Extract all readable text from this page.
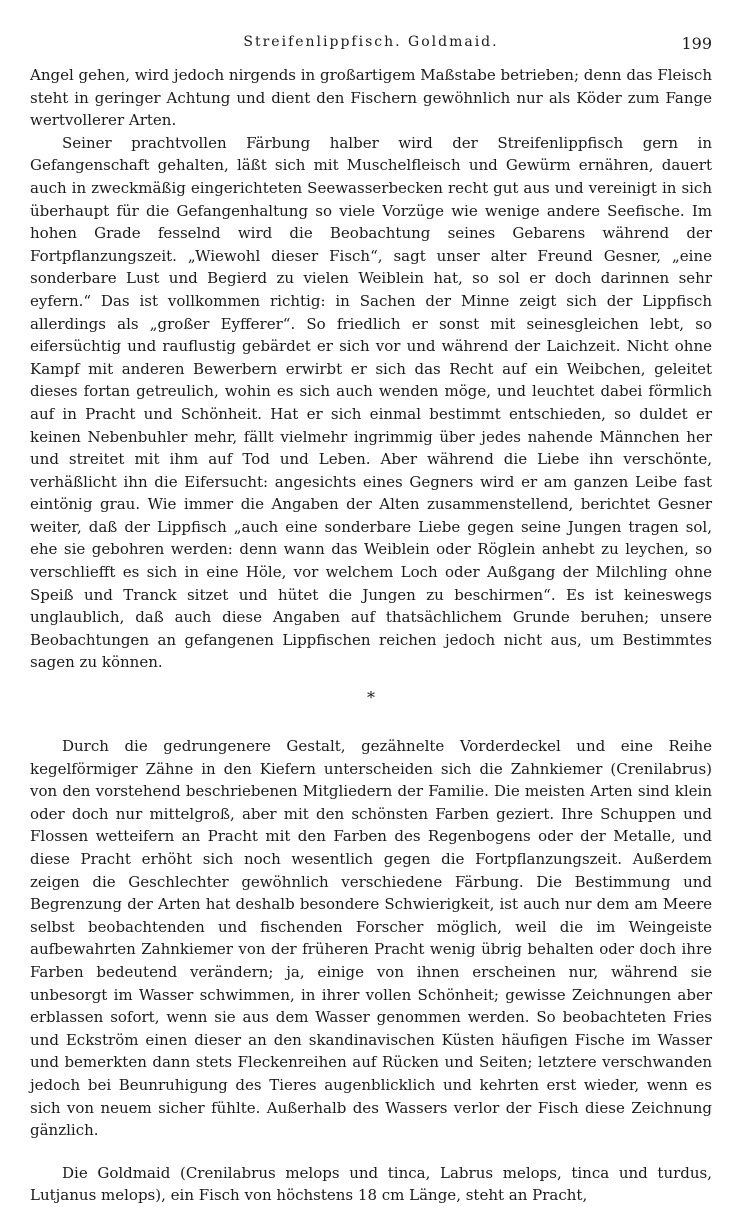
Streifenlippfisch. Goldmaid.	199

Angel gehen, wird jedoch nirgends in großartigem Maßstabe betrieben; denn das Fleisch steht in geringer Achtung und dient den Fischern gewöhnlich nur als Köder zum Fange wertvollerer Arten.

Seiner prachtvollen Färbung halber wird der Streifenlippfisch gern in Gefangenschaft gehalten, läßt sich mit Muschelfleisch und Gewürm ernähren, dauert auch in zweckmäßig eingerichteten Seewasserbecken recht gut aus und vereinigt in sich überhaupt für die Gefangenhaltung so viele Vorzüge wie wenige andere Seefische. Im hohen Grade fesselnd wird die Beobachtung seines Gebarens während der Fortpflanzungszeit. „Wiewohl dieser Fisch“, sagt unser alter Freund Gesner, „eine sonderbare Lust und Begierd zu vielen Weiblein hat, so sol er doch darinnen sehr eyfern.“ Das ist vollkommen richtig: in Sachen der Minne zeigt sich der Lippfisch allerdings als „großer Eyfferer“. So friedlich er sonst mit seinesgleichen lebt, so eifersüchtig und rauflustig gebärdet er sich vor und während der Laichzeit. Nicht ohne Kampf mit anderen Bewerbern erwirbt er sich das Recht auf ein Weibchen, geleitet dieses fortan getreulich, wohin es sich auch wenden möge, und leuchtet dabei förmlich auf in Pracht und Schönheit. Hat er sich einmal bestimmt entschieden, so duldet er keinen Nebenbuhler mehr, fällt vielmehr ingrimmig über jedes nahende Männchen her und streitet mit ihm auf Tod und Leben. Aber während die Liebe ihn verschönte, verhäßlicht ihn die Eifersucht: angesichts eines Gegners wird er am ganzen Leibe fast eintönig grau. Wie immer die Angaben der Alten zusammenstellend, berichtet Gesner weiter, daß der Lippfisch „auch eine sonderbare Liebe gegen seine Jungen tragen sol, ehe sie gebohren werden: denn wann das Weiblein oder Röglein anhebt zu leychen, so verschliefft es sich in eine Höle, vor welchem Loch oder Außgang der Milchling ohne Speiß und Tranck sitzet und hütet die Jungen zu beschirmen“. Es ist keineswegs unglaublich, daß auch diese Angaben auf thatsächlichem Grunde beruhen; unsere Beobachtungen an gefangenen Lippfischen reichen jedoch nicht aus, um Bestimmtes sagen zu können.

*

Durch die gedrungenere Gestalt, gezähnelte Vorderdeckel und eine Reihe kegelförmiger Zähne in den Kiefern unterscheiden sich die Zahnkiemer (Crenilabrus) von den vorstehend beschriebenen Mitgliedern der Familie. Die meisten Arten sind klein oder doch nur mittelgroß, aber mit den schönsten Farben geziert. Ihre Schuppen und Flossen wetteifern an Pracht mit den Farben des Regenbogens oder der Metalle, und diese Pracht erhöht sich noch wesentlich gegen die Fortpflanzungszeit. Außerdem zeigen die Geschlechter gewöhnlich verschiedene Färbung. Die Bestimmung und Begrenzung der Arten hat deshalb besondere Schwierigkeit, ist auch nur dem am Meere selbst beobachtenden und fischenden Forscher möglich, weil die im Weingeiste aufbewahrten Zahnkiemer von der früheren Pracht wenig übrig behalten oder doch ihre Farben bedeutend verändern; ja, einige von ihnen erscheinen nur, während sie unbesorgt im Wasser schwimmen, in ihrer vollen Schönheit; gewisse Zeichnungen aber erblassen sofort, wenn sie aus dem Wasser genommen werden. So beobachteten Fries und Eckström einen dieser an den skandinavischen Küsten häufigen Fische im Wasser und bemerkten dann stets Fleckenreihen auf Rücken und Seiten; letztere verschwanden jedoch bei Beunruhigung des Tieres augenblicklich und kehrten erst wieder, wenn es sich von neuem sicher fühlte. Außerhalb des Wassers verlor der Fisch diese Zeichnung gänzlich.

Die Goldmaid (Crenilabrus melops und tinca, Labrus melops, tinca und turdus, Lutjanus melops), ein Fisch von höchstens 18 cm Länge, steht an Pracht,
